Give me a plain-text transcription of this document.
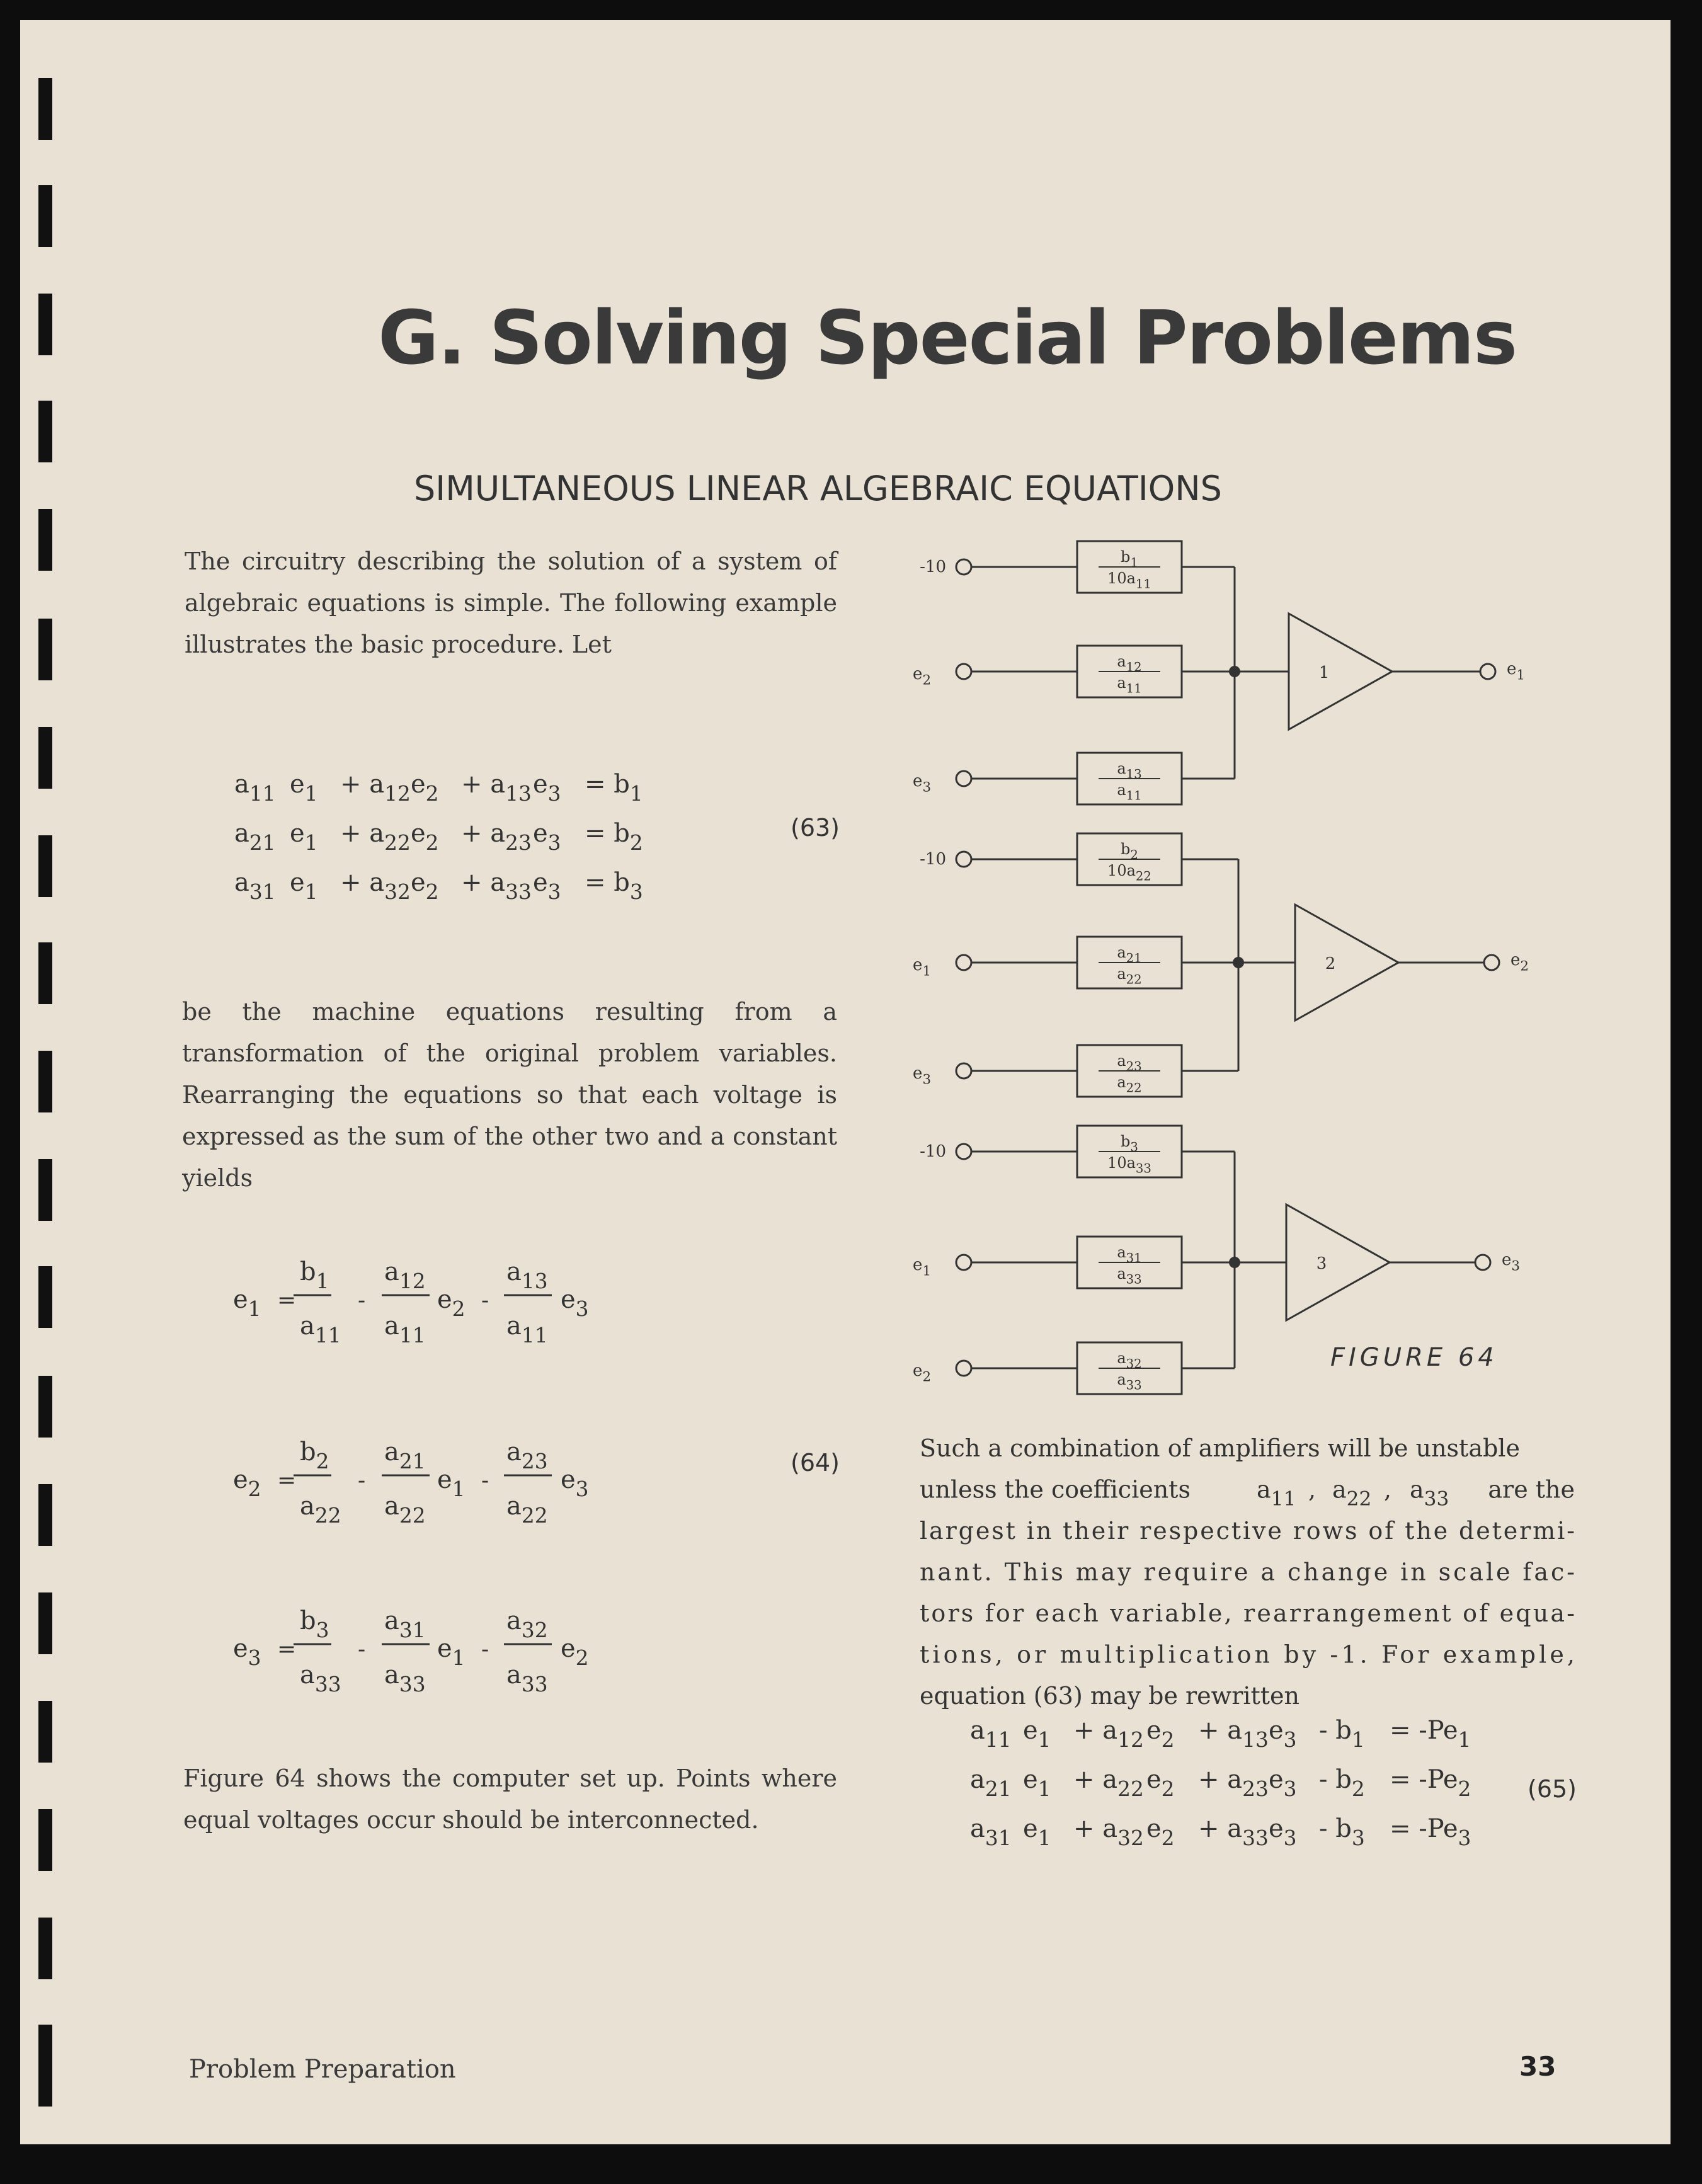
G. Solving Special Problems
SIMULTANEOUS LINEAR ALGEBRAIC EQUATIONS

The circuitry describing the solution of a system of algebraic equations is simple. The following example illustrates the basic procedure. Let

be the machine equations resulting from a transformation of the original problem variables. Rearranging the equations so that each voltage is expressed as the sum of the other two and a constant yields

Figure 64 shows the computer set up. Points where equal voltages occur should be interconnected.

(63)
(64)
(65)
FIGURE 64
$a_{11}$ $e_1 + a_{12}$ $e_2 + a_{13}$ $e_3 = b_1$
$a_{21}$ $e_1 + a_{22}$ $e_2 + a_{23}$ $e_3 = b_2$
$a_{31}$ $e_1 + a_{32}$ $e_2 + a_{33}$ $e_3 = b_3$
$e_1$ =
$b_1$
$a_{11}$
-
$a_{12}$
$a_{11}$
$e_2$ -
$a_{13}$
$a_{11}$
$e_3$
$e_2$ =
$b_2$
$a_{22}$
-
$a_{21}$
$a_{22}$
$e_1$ -
$a_{23}$
$a_{22}$
$e_3$
$e_3$ =
$b_3$
$a_{33}$
-
$a_{31}$
$a_{33}$
$e_1$ -
$a_{32}$
$a_{33}$
$e_2$
-10
$b_1$
$10a_{11}$
$e_2$
$a_{12}$
$a_{11}$
$e_3$
$a_{13}$
$a_{11}$
1	$e_1$
-10
$b_2$
$10a_{22}$
$e_1$
$a_{21}$
$a_{22}$
$e_3$
$a_{23}$
$a_{22}$
2	$e_2$
-10
$b_3$
$10a_{33}$
$e_1$
$a_{31}$
$a_{33}$
$e_2$
$a_{32}$
$a_{33}$
3	$e_3$
Such a combination of amplifiers will be unstable
unless the coefficients	$a_{11}$ , $a_{22}$ , $a_{33}$ are the
largest in their respective rows of the determi-
nant. This may require a change in scale fac-
tors for each variable, rearrangement of equa-
tions, or multiplication by -1. For example,
equation (63) may be rewritten
$a_{11}$ $e_1 + a_{12}$ $e_2 + a_{13}$ $e_3 - b_1 = -Pe_1$
$a_{21}$ $e_1 + a_{22}$ $e_2 + a_{23}$ $e_3 - b_2 = -Pe_2$
$a_{31}$ $e_1 + a_{32}$ $e_2 + a_{33}$ $e_3 - b_3 = -Pe_3$
Problem Preparation	33
